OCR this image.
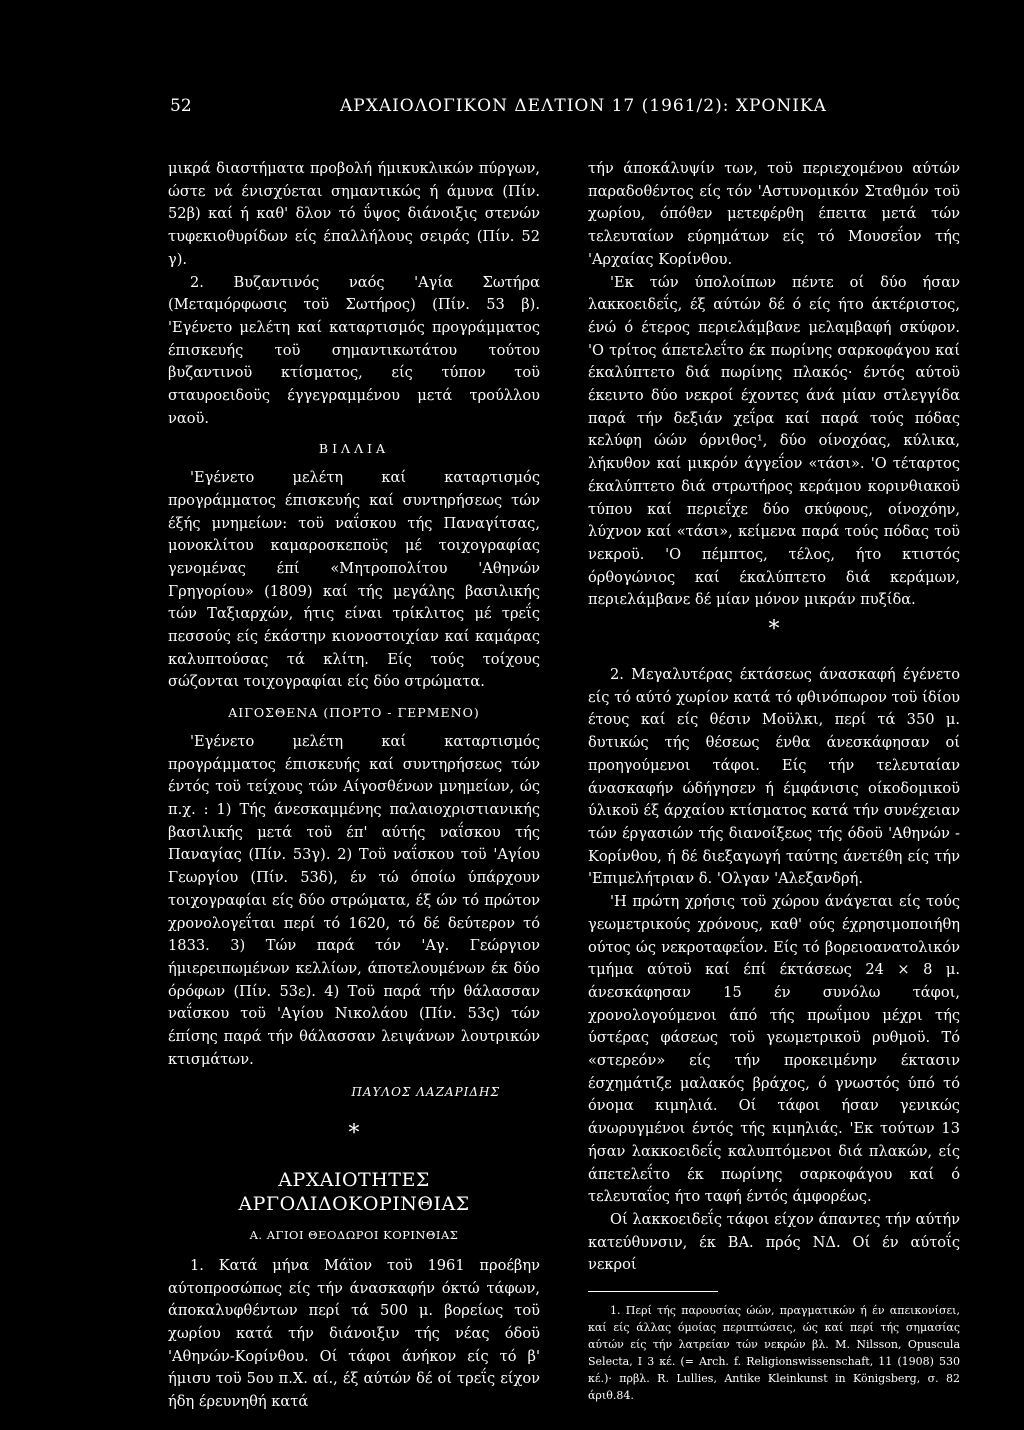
52	ΑΡΧΑΙΟΛΟΓΙΚΟΝ ΔΕΛΤΙΟΝ 17 (1961/2): ΧΡΟΝΙΚΑ

μικρά διαστήματα προβολή ήμικυκλικών πύργων, ώστε νά ένισχύεται σημαντικώς ή άμυνα (Πίν. 52β) καί ή καθ' δλον τό ΰψος διάνοιξις στενών τυφεκιοθυρίδων είς έπαλλήλους σειράς (Πίν. 52 γ).

2. Βυζαντινός ναός 'Αγία Σωτήρα (Μεταμόρφωσις τοϋ Σωτήρος) (Πίν. 53 β). 'Εγένετο μελέτη καί καταρτισμός προγράμματος έπισκευής τοϋ σημαντικωτάτου τούτου βυζαντινοϋ κτίσματος, είς τύπον τοϋ σταυροειδοϋς έγγεγραμμένου μετά τρούλλου ναοϋ.

ΒΙΛΛΙΑ

'Εγένετο μελέτη καί καταρτισμός προγράμματος έπισκευής καί συντηρήσεως τών έξής μνημείων: τοϋ ναΐσκου τής Παναγίτσας, μονοκλίτου καμαροσκεποϋς μέ τοιχογραφίας γενομένας έπί «Μητροπολίτου 'Αθηνών Γρηγορίου» (1809) καί τής μεγάλης βασιλικής τών Ταξιαρχών, ήτις είναι τρίκλιτος μέ τρεΐς πεσσούς είς έκάστην κιονοστοιχίαν καί καμάρας καλυπτούσας τά κλίτη. Είς τούς τοίχους σώζονται τοιχογραφίαι είς δύο στρώματα.

ΑΙΓΟΣΘΕΝΑ (ΠΟΡΤΟ - ΓΕΡΜΕΝΟ)

'Εγένετο μελέτη καί καταρτισμός προγράμματος έπισκευής καί συντηρήσεως τών έντός τοϋ τείχους τών Αίγοσθένων μνημείων, ώς π.χ. : 1) Τής άνεσκαμμένης παλαιοχριστιανικής βασιλικής μετά τοϋ έπ' αύτής ναΐσκου τής Παναγίας (Πίν. 53γ). 2) Τοϋ ναΐσκου τοϋ 'Αγίου Γεωργίου (Πίν. 53δ), έν τώ όποίω ύπάρχουν τοιχογραφίαι είς δύο στρώματα, έξ ών τό πρώτον χρονολογεΐται περί τό 1620, τό δέ δεύτερον τό 1833. 3) Τών παρά τόν 'Αγ. Γεώργιον ήμιερειπωμένων κελλίων, άποτελουμένων έκ δύο όρόφων (Πίν. 53ε). 4) Τοϋ παρά τήν θάλασσαν ναΐσκου τοϋ 'Αγίου Νικολάου (Πίν. 53ς) τών έπίσης παρά τήν θάλασσαν λειψάνων λουτρικών κτισμάτων.

ΠΑΥΛΟΣ ΛΑΖΑΡΙΔΗΣ
*
ΑΡΧΑΙΟΤΗΤΕΣ
ΑΡΓΟΛΙΔΟΚΟΡΙΝΘΙΑΣ
Α. ΑΓΙΟΙ ΘΕΟΔΩΡΟΙ ΚΟΡΙΝΘΙΑΣ

1. Κατά μήνα Μάϊον τοϋ 1961 προέβην αύτοπροσώπως είς τήν άνασκαφήν όκτώ τάφων, άποκαλυφθέντων περί τά 500 μ. βορείως τοϋ χωρίου κατά τήν διάνοιξιν τής νέας όδοϋ 'Αθηνών-Κορίνθου. Οί τάφοι άνήκον είς τό β' ήμισυ τοϋ 5ου π.Χ. αί., έξ αύτών δέ οί τρεΐς είχον ήδη έρευνηθή κατά

τήν άποκάλυψίν των, τοϋ περιεχομένου αύτών παραδοθέντος είς τόν 'Αστυνομικόν Σταθμόν τοϋ χωρίου, όπόθεν μετεφέρθη έπειτα μετά τών τελευταίων εύρημάτων είς τό Μουσεΐον τής 'Αρχαίας Κορίνθου.

'Εκ τών ύπολοίπων πέντε οί δύο ήσαν λακκοειδεΐς, έξ αύτών δέ ό είς ήτο άκτέριστος, ένώ ό έτερος περιελάμβανε μελαμβαφή σκύφον. 'Ο τρίτος άπετελεΐτο έκ πωρίνης σαρκοφάγου καί έκαλύπτετο διά πωρίνης πλακός· έντός αύτοϋ έκειντο δύο νεκροί έχοντες άνά μίαν στλεγγίδα παρά τήν δεξιάν χεΐρα καί παρά τούς πόδας κελύφη ώών όρνιθος¹, δύο οίνοχόας, κύλικα, λήκυθον καί μικρόν άγγεΐον «τάσι». 'Ο τέταρτος έκαλύπτετο διά στρωτήρος κεράμου κορινθιακοϋ τύπου καί περιεΐχε δύο σκύφους, οίνοχόην, λύχνον καί «τάσι», κείμενα παρά τούς πόδας τοϋ νεκροϋ. 'Ο πέμπτος, τέλος, ήτο κτιστός όρθογώνιος καί έκαλύπτετο διά κεράμων, περιελάμβανε δέ μίαν μόνον μικράν πυξίδα.

*

2. Μεγαλυτέρας έκτάσεως άνασκαφή έγένετο είς τό αύτό χωρίον κατά τό φθινόπωρον τοϋ ίδίου έτους καί είς θέσιν Μοϋλκι, περί τά 350 μ. δυτικώς τής θέσεως ένθα άνεσκάφησαν οί προηγούμενοι τάφοι. Είς τήν τελευταίαν άνασκαφήν ώδήγησεν ή έμφάνισις οίκοδομικοϋ ύλικοϋ έξ άρχαίου κτίσματος κατά τήν συνέχειαν τών έργασιών τής διανοίξεως τής όδοϋ 'Αθηνών - Κορίνθου, ή δέ διεξαγωγή ταύτης άνετέθη είς τήν 'Επιμελήτριαν δ. 'Ολγαν 'Αλεξανδρή.

'Η πρώτη χρήσις τοϋ χώρου άνάγεται είς τούς γεωμετρικούς χρόνους, καθ' ούς έχρησιμοποιήθη ούτος ώς νεκροταφεΐον. Είς τό βορειοανατολικόν τμήμα αύτοϋ καί έπί έκτάσεως 24 × 8 μ. άνεσκάφησαν 15 έν συνόλω τάφοι, χρονολογούμενοι άπό τής πρωΐμου μέχρι τής ύστέρας φάσεως τοϋ γεωμετρικοϋ ρυθμοϋ. Τό «στερεόν» είς τήν προκειμένην έκτασιν έσχημάτιζε μαλακός βράχος, ό γνωστός ύπό τό όνομα κιμηλιά. Οί τάφοι ήσαν γενικώς άνωρυγμένοι έντός τής κιμηλιάς. 'Εκ τούτων 13 ήσαν λακκοειδεΐς καλυπτόμενοι διά πλακών, είς άπετελεΐτο έκ πωρίνης σαρκοφάγου καί ό τελευταΐος ήτο ταφή έντός άμφορέως.

Οί λακκοειδεΐς τάφοι είχον άπαντες τήν αύτήν κατεύθυνσιν, έκ ΒΑ. πρός ΝΔ. Οί έν αύτοΐς νεκροί

1. Περί τής παρουσίας ώών, πραγματικών ή έν απεικονίσει, καί είς άλλας όμοίας περιπτώσεις, ώς καί περί τής σημασίας αύτών είς τήν λατρείαν τών νεκρών βλ. M. Nilsson, Opuscula Selecta, I 3 κέ. (= Arch. f. Religionswissenschaft, 11 (1908) 530 κέ.)· πρβλ. R. Lullies, Antike Kleinkunst in Königsberg, σ. 82 άριθ.84.
